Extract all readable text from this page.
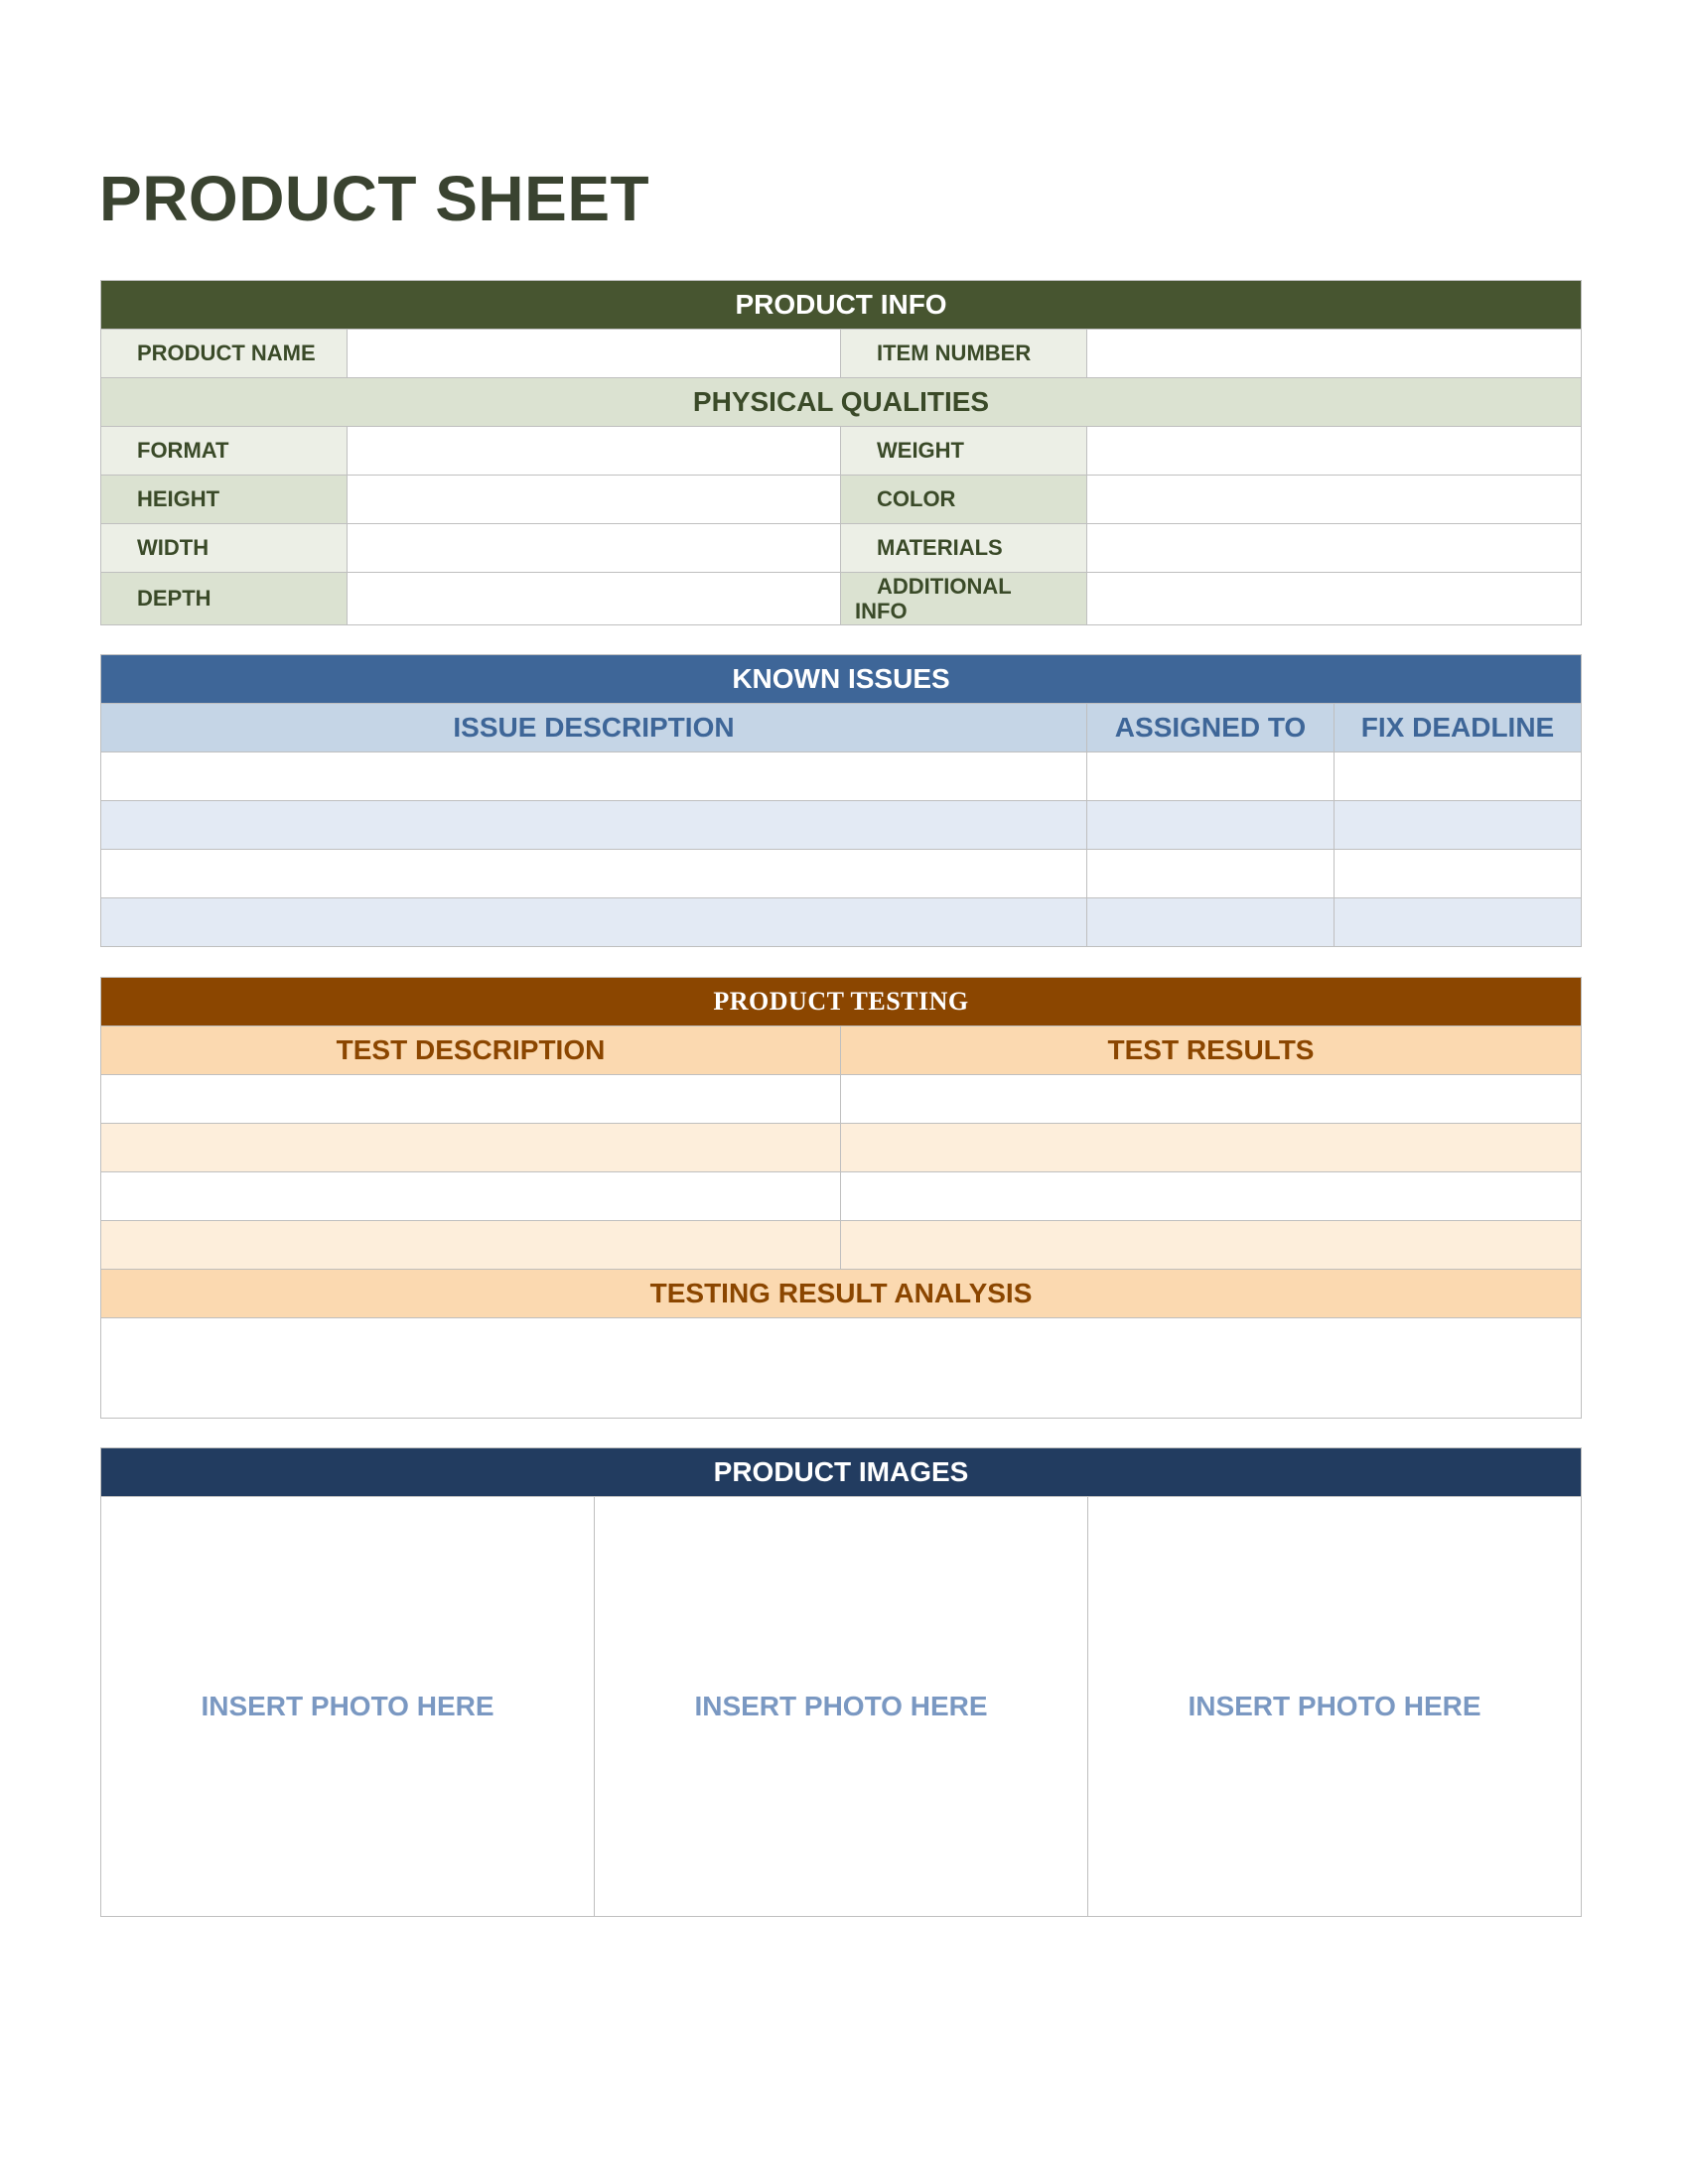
PRODUCT SHEET
PRODUCT INFO			
PRODUCT NAME		ITEM NUMBER	
PHYSICAL QUALITIES			
FORMAT		WEIGHT	
HEIGHT		COLOR	
WIDTH		MATERIALS	
DEPTH		ADDITIONAL
INFO	

KNOWN ISSUES		
ISSUE DESCRIPTION	ASSIGNED TO	FIX DEADLINE

PRODUCT TESTING	
TEST DESCRIPTION	TEST RESULTS

TESTING RESULT ANALYSIS	

PRODUCT IMAGES
INSERT PHOTO HERE	INSERT PHOTO HERE	INSERT PHOTO HERE
